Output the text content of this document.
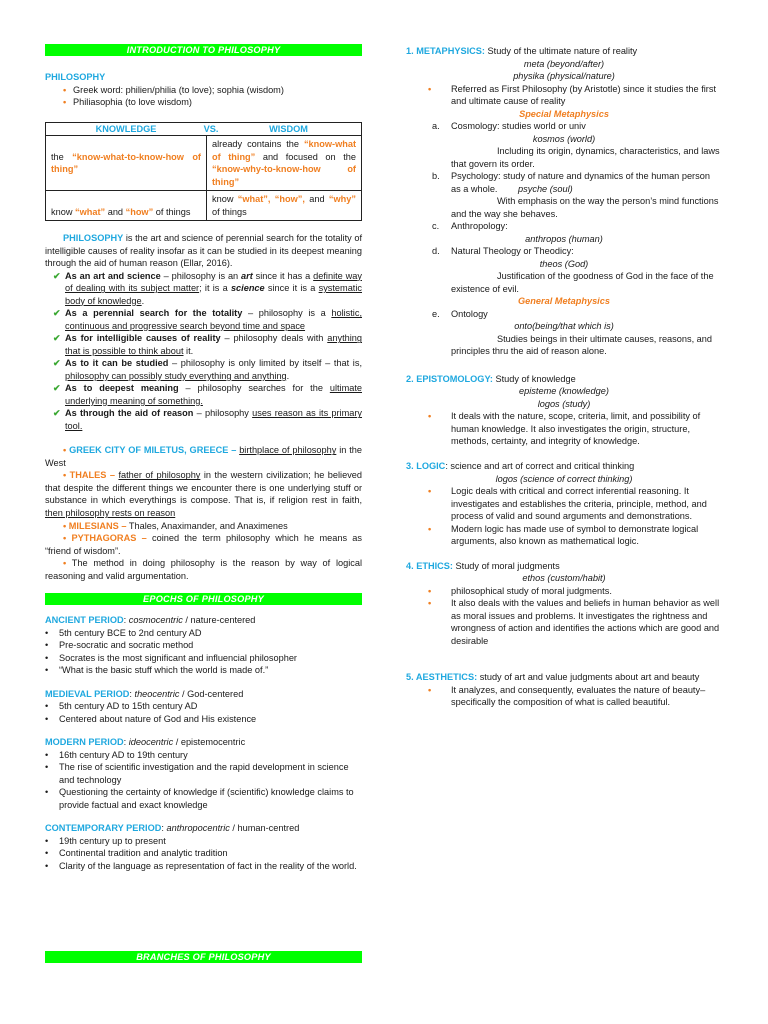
INTRODUCTION TO PHILOSOPHY
PHILOSOPHY
• Greek word: philien/philia (to love); sophia (wisdom)
• Philiasophia (to love wisdom)
KNOWLEDGE VS. WISDOM	
the “know-what-to-know-how of thing”	already contains the “know-what of thing” and focused on the “know-why-to-know-how of thing”
know “what” and “how” of things	know “what”, “how”, and “why” of things

PHILOSOPHY is the art and science of perennial search for the totality of intelligible causes of reality insofar as it can be studied in its deepest meaning through the aid of human reason (Ellar, 2016).

✔ As an art and science – philosophy is an art since it has a definite way of dealing with its subject matter; it is a science since it is a systematic body of knowledge.
✔ As a perennial search for the totality – philosophy is a holistic, continuous and progressive search beyond time and space
✔ As for intelligible causes of reality – philosophy deals with anything that is possible to think about it.
✔ As to it can be studied – philosophy is only limited by itself – that is, philosophy can possibly study everything and anything.
✔ As to deepest meaning – philosophy searches for the ultimate underlying meaning of something.
✔ As through the aid of reason – philosophy uses reason as its primary tool.

• GREEK CITY OF MILETUS, GREECE – birthplace of philosophy in the West

• THALES – father of philosophy in the western civilization; he believed that despite the different things we encounter there is one underlying stuff or substance in which everythings is compose. That is, if religion rest in faith, then philosophy rests on reason

• MILESIANS – Thales, Anaximander, and Anaximenes

• PYTHAGORAS – coined the term philosophy which he means as “friend of wisdom”.

• The method in doing philosophy is the reason by way of logical reasoning and valid argumentation.

EPOCHS OF PHILOSOPHY
ANCIENT PERIOD: cosmocentric / nature-centered
• 5th century BCE to 2nd century AD
• Pre-socratic and socratic method
• Socrates is the most significant and influencial philosopher
• “What is the basic stuff which the world is made of.”
MEDIEVAL PERIOD: theocentric / God-centered
• 5th century AD to 15th century AD
• Centered about nature of God and His existence
MODERN PERIOD: ideocentric / epistemocentric
• 16th century AD to 19th century
• The rise of scientific investigation and the rapid development in science and technology
• Questioning the certainty of knowledge if (scientific) knowledge claims to provide factual and exact knowledge
CONTEMPORARY PERIOD: anthropocentric / human-centred
• 19th century up to present
• Continental tradition and analytic tradition
• Clarity of the language as representation of fact in the reality of the world.
BRANCHES OF PHILOSOPHY
1. METAPHYSICS: Study of the ultimate nature of reality
meta (beyond/after)
physika (physical/nature)
• Referred as First Philosophy (by Aristotle) since it studies the first and ultimate cause of reality
Special Metaphysics
a. Cosmology: studies world or univ
kosmos (world)

Including its origin, dynamics, characteristics, and laws that govern its order.

b. Psychology: study of nature and dynamics of the human person as a whole. psyche (soul)

With emphasis on the way the person’s mind functions and the way she behaves.

c. Anthropology:
anthropos (human)
d. Natural Theology or Theodicy:
theos (God)

Justification of the goodness of God in the face of the existence of evil.

General Metaphysics
e. Ontology
onto(being/that which is)

Studies beings in their ultimate causes, reasons, and principles thru the aid of reason alone.

2. EPISTOMOLOGY: Study of knowledge
episteme (knowledge)
logos (study)
• It deals with the nature, scope, criteria, limit, and possibility of human knowledge. It also investigates the origin, structure, methods, certainty, and integrity of knowledge.
3. LOGIC: science and art of correct and critical thinking
logos (science of correct thinking)
• Logic deals with critical and correct inferential reasoning. It investigates and establishes the criteria, principle, method, and process of valid and sound arguments and demonstrations.
• Modern logic has made use of symbol to demonstrate logical arguments, also known as mathematical logic.
4. ETHICS: Study of moral judgments
ethos (custom/habit)
• philosophical study of moral judgments.
• It also deals with the values and beliefs in human behavior as well as moral issues and problems. It investigates the rightness and wrongness of action and identifies the actions which are good and desirable
5. AESTHETICS: study of art and value judgments about art and beauty
• It analyzes, and consequently, evaluates the nature of beauty– specifically the composition of what is called beautiful.
